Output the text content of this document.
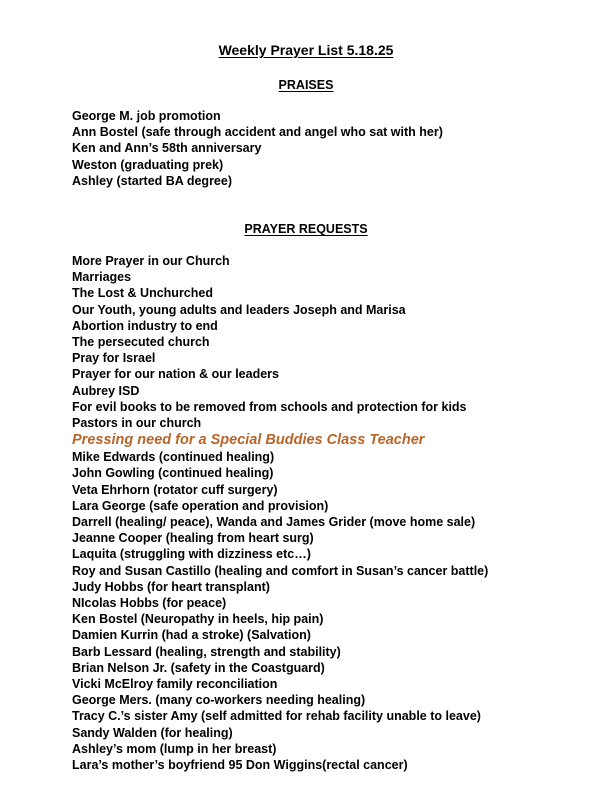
Weekly Prayer List 5.18.25
PRAISES
George M. job promotion
Ann Bostel (safe through accident and angel who sat with her)
Ken and Ann’s 58th anniversary
Weston (graduating prek)
Ashley (started BA degree)
PRAYER REQUESTS
More Prayer in our Church
Marriages
The Lost & Unchurched
Our Youth, young adults and leaders Joseph and Marisa
Abortion industry to end
The persecuted church
Pray for Israel
Prayer for our nation & our leaders
Aubrey ISD
For evil books to be removed from schools and protection for kids
Pastors in our church
Pressing need for a Special Buddies Class Teacher
Mike Edwards (continued healing)
John Gowling (continued healing)
Veta Ehrhorn (rotator cuff surgery)
Lara George (safe operation and provision)
Darrell (healing/ peace), Wanda and James Grider (move home sale)
Jeanne Cooper (healing from heart surg)
Laquita (struggling with dizziness etc…)
Roy and Susan Castillo (healing and comfort in Susan’s cancer battle)
Judy Hobbs (for heart transplant)
NIcolas Hobbs (for peace)
Ken Bostel (Neuropathy in heels, hip pain)
Damien Kurrin (had a stroke) (Salvation)
Barb Lessard (healing, strength and stability)
Brian Nelson Jr. (safety in the Coastguard)
Vicki McElroy family reconciliation
George Mers. (many co-workers needing healing)
Tracy C.’s sister Amy (self admitted for rehab facility unable to leave)
Sandy Walden (for healing)
Ashley’s mom (lump in her breast)
Lara’s mother’s boyfriend 95 Don Wiggins(rectal cancer)
